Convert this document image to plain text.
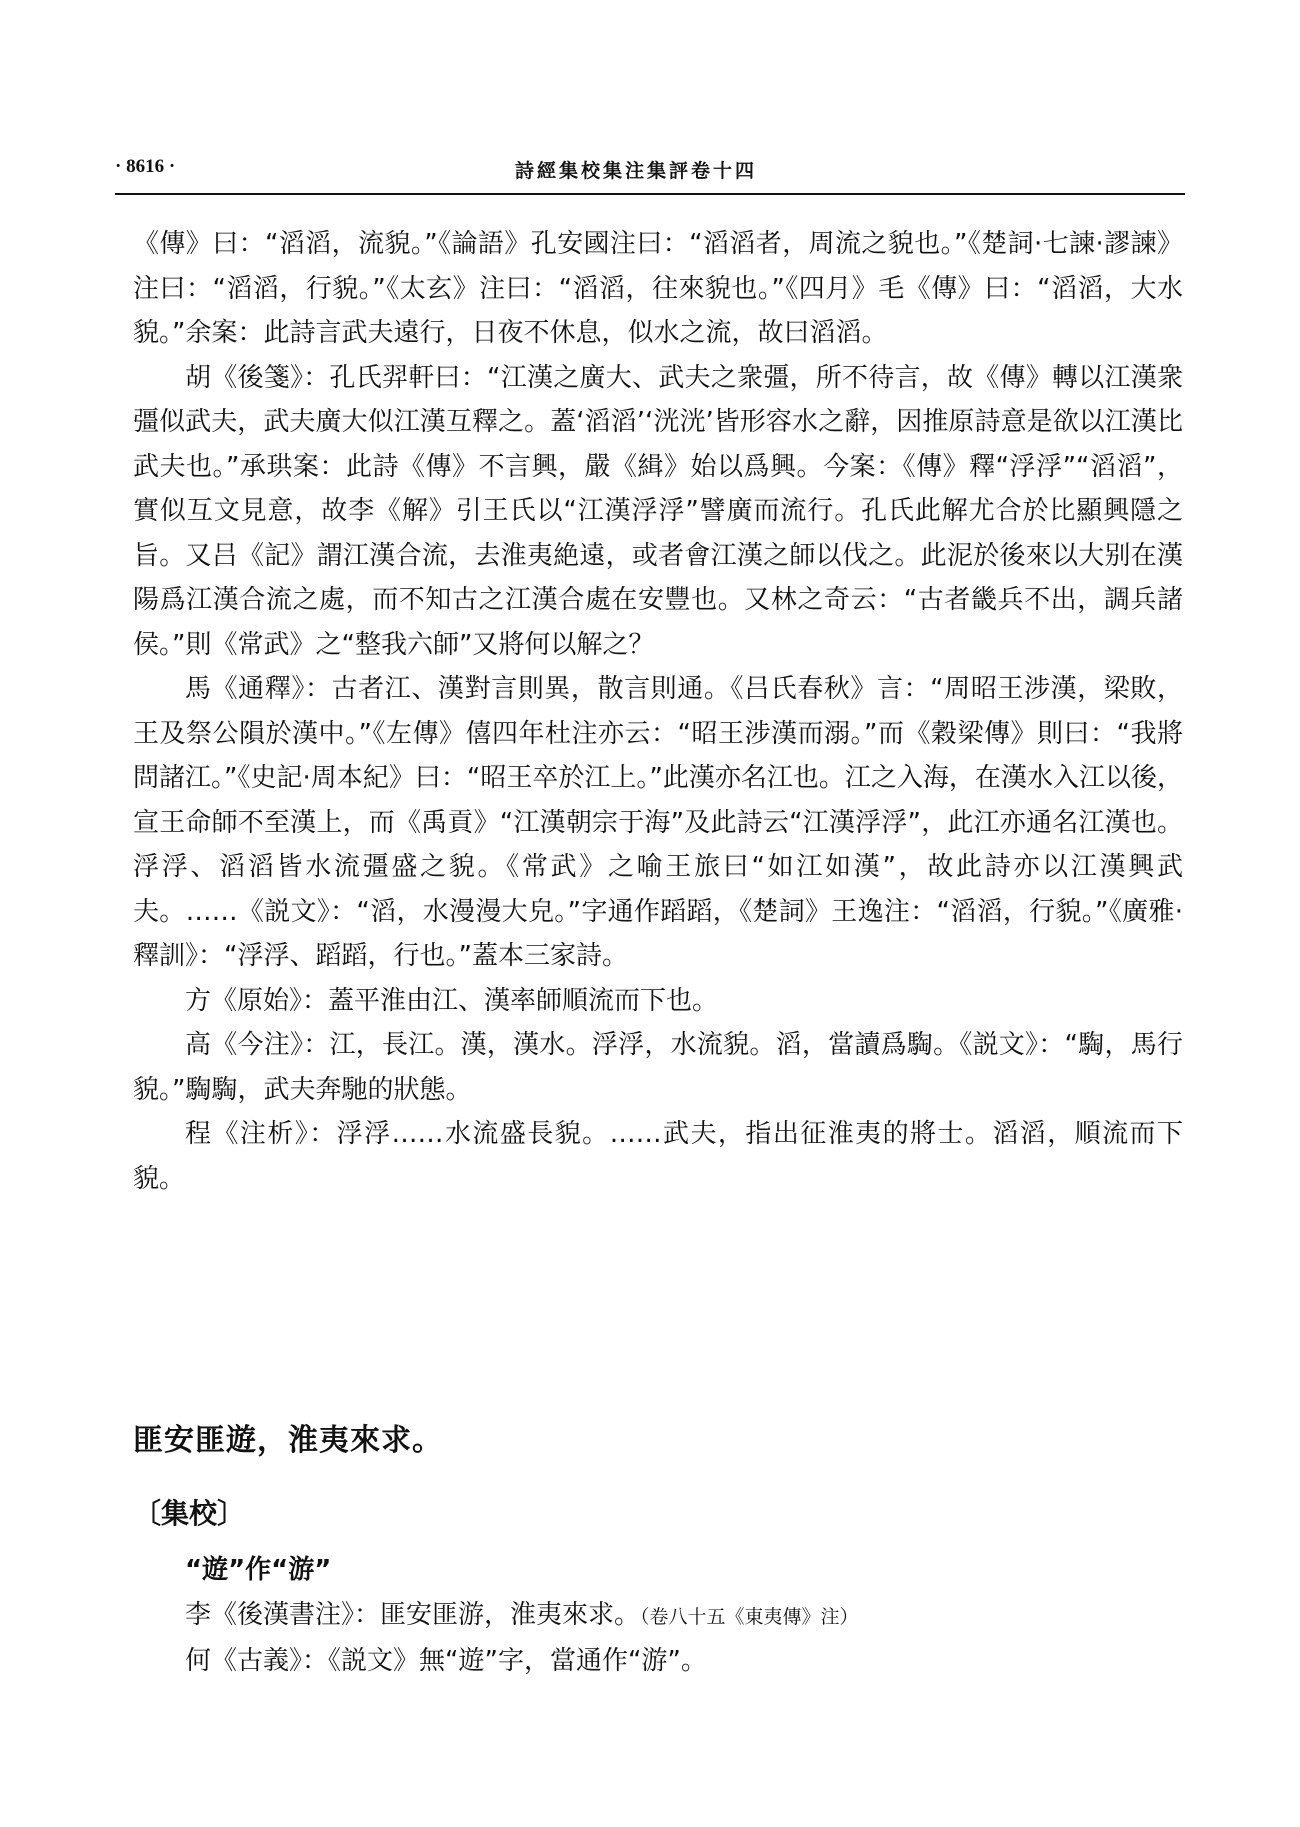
· 8616 ·	詩經集校集注集評卷十四

《傳》曰：“滔滔，流貌。”《論語》孔安國注曰：“滔滔者，周流之貌也。”《楚詞·七諫·謬諫》注曰：“滔滔，行貌。”《太玄》注曰：“滔滔，往來貌也。”《四月》毛《傳》曰：“滔滔，大水貌。”余案：此詩言武夫遠行，日夜不休息，似水之流，故曰滔滔。

胡《後箋》：孔氏羿軒曰：“江漢之廣大、武夫之衆彊，所不待言，故《傳》轉以江漢衆彊似武夫，武夫廣大似江漢互釋之。蓋‘滔滔’‘洸洸’皆形容水之辭，因推原詩意是欲以江漢比武夫也。”承珙案：此詩《傳》不言興，嚴《緝》始以爲興。今案：《傳》釋“浮浮”“滔滔”，實似互文見意，故李《解》引王氏以“江漢浮浮”譬廣而流行。孔氏此解尤合於比顯興隱之旨。又吕《記》謂江漢合流，去淮夷絶遠，或者會江漢之師以伐之。此泥於後來以大别在漢陽爲江漢合流之處，而不知古之江漢合處在安豐也。又林之奇云：“古者畿兵不出，調兵諸侯。”則《常武》之“整我六師”又將何以解之？

馬《通釋》：古者江、漢對言則異，散言則通。《吕氏春秋》言：“周昭王涉漢，梁敗，王及祭公隕於漢中。”《左傳》僖四年杜注亦云：“昭王涉漢而溺。”而《穀梁傳》則曰：“我將問諸江。”《史記·周本紀》曰：“昭王卒於江上。”此漢亦名江也。江之入海，在漢水入江以後，宣王命師不至漢上，而《禹貢》“江漢朝宗于海”及此詩云“江漢浮浮”，此江亦通名江漢也。浮浮、滔滔皆水流彊盛之貌。《常武》之喻王旅曰“如江如漢”，故此詩亦以江漢興武夫。……《説文》：“滔，水漫漫大皃。”字通作蹈蹈，《楚詞》王逸注：“滔滔，行貌。”《廣雅·釋訓》：“浮浮、蹈蹈，行也。”蓋本三家詩。

方《原始》：蓋平淮由江、漢率師順流而下也。

高《今注》：江，長江。漢，漢水。浮浮，水流貌。滔，當讀爲騊。《説文》：“騊，馬行貌。”騊騊，武夫奔馳的狀態。

程《注析》：浮浮……水流盛長貌。……武夫，指出征淮夷的將士。滔滔，順流而下貌。

匪安匪遊，淮夷來求。
〔集校〕

“遊”作“游”

李《後漢書注》：匪安匪游，淮夷來求。（卷八十五《東夷傳》注）

何《古義》：《説文》無“遊”字，當通作“游”。
